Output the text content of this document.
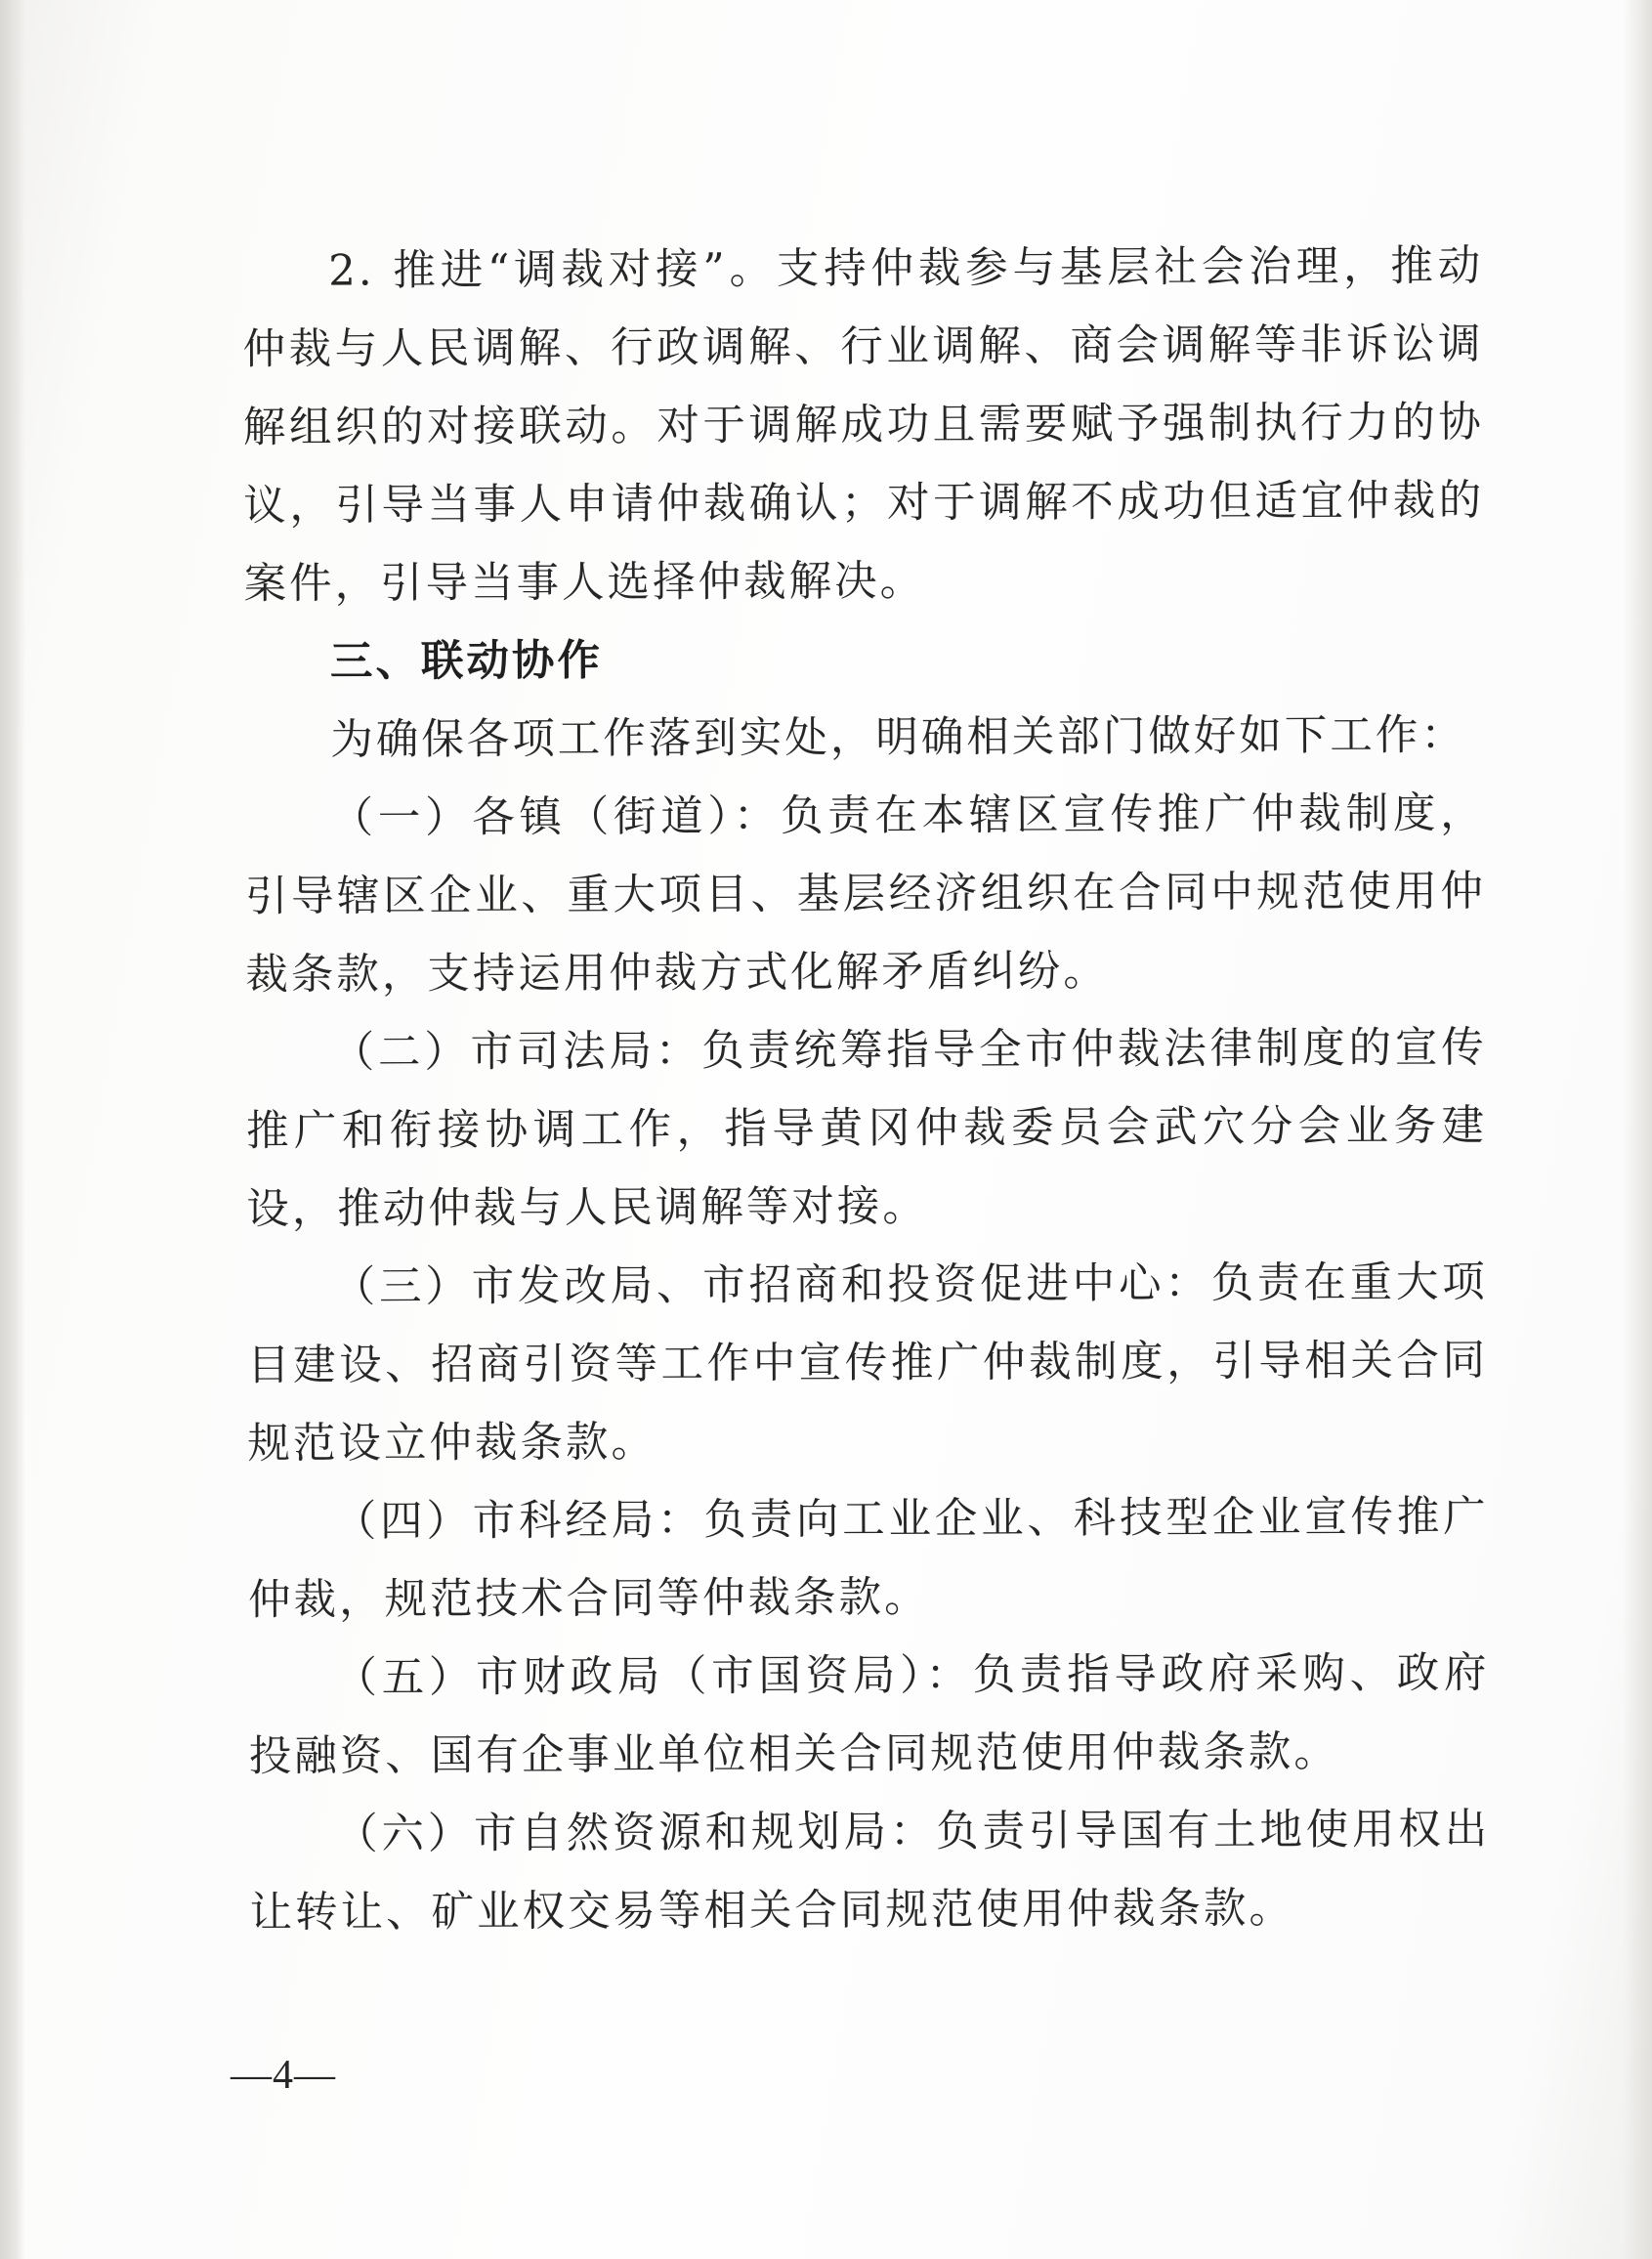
2. 推进“调裁对接”。支持仲裁参与基层社会治理，推动仲裁与人民调解、行政调解、行业调解、商会调解等非诉讼调解组织的对接联动。对于调解成功且需要赋予强制执行力的协议，引导当事人申请仲裁确认；对于调解不成功但适宜仲裁的案件，引导当事人选择仲裁解决。

三、联动协作

为确保各项工作落到实处，明确相关部门做好如下工作：

（一）各镇（街道）：负责在本辖区宣传推广仲裁制度，引导辖区企业、重大项目、基层经济组织在合同中规范使用仲裁条款，支持运用仲裁方式化解矛盾纠纷。

（二）市司法局：负责统筹指导全市仲裁法律制度的宣传推广和衔接协调工作，指导黄冈仲裁委员会武穴分会业务建设，推动仲裁与人民调解等对接。

（三）市发改局、市招商和投资促进中心：负责在重大项目建设、招商引资等工作中宣传推广仲裁制度，引导相关合同规范设立仲裁条款。

（四）市科经局：负责向工业企业、科技型企业宣传推广仲裁，规范技术合同等仲裁条款。

（五）市财政局（市国资局）：负责指导政府采购、政府投融资、国有企事业单位相关合同规范使用仲裁条款。

（六）市自然资源和规划局：负责引导国有土地使用权出让转让、矿业权交易等相关合同规范使用仲裁条款。

—4—
